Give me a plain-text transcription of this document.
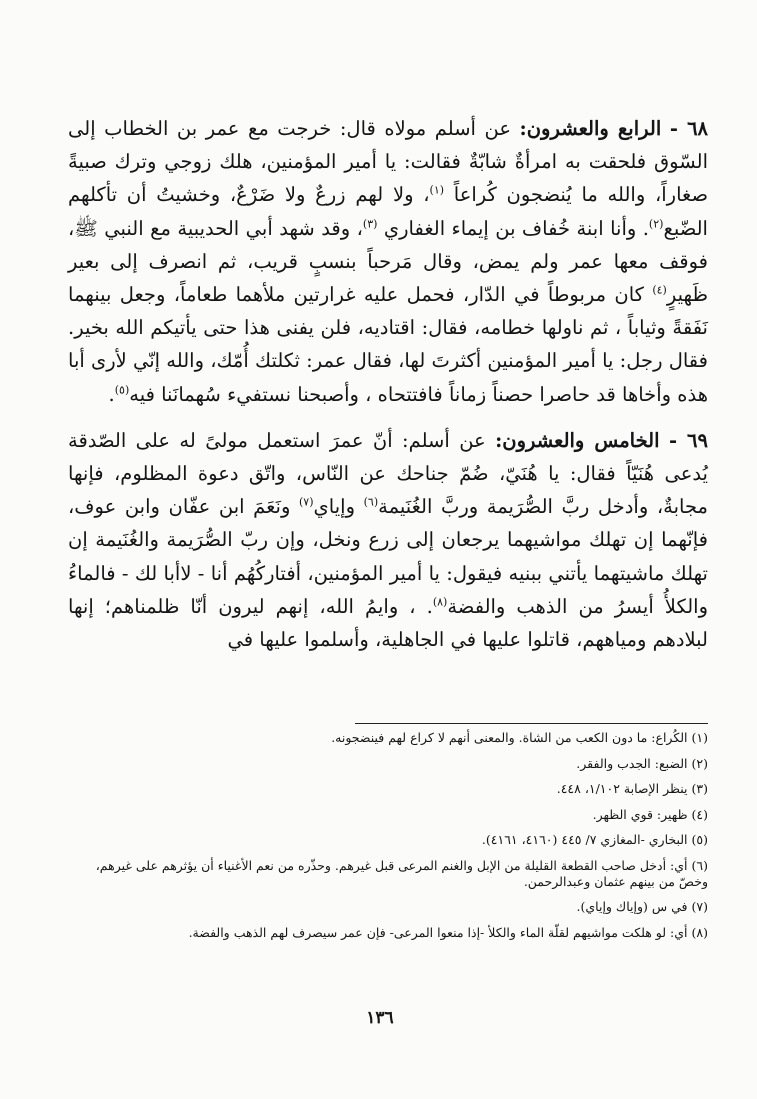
٦٨ - الرابع والعشرون: عن أسلم مولاه قال: خرجت مع عمر بن الخطاب إلى السّوق فلحقت به امرأةٌ شابّةٌ فقالت: يا أمير المؤمنين، هلك زوجي وترك صبيةً صغاراً، والله ما يُنضجون كُراعاً $^{(١)}$، ولا لهم زرعٌ ولا ضَرْعٌ، وخشيتُ أن تأكلهم الضّبع$^{(٢)}$. وأنا ابنة خُفاف بن إيماء الغفاري $^{(٣)}$، وقد شهد أبي الحديبية مع النبي ﷺ، فوقف معها عمر ولم يمض، وقال مَرحباً بنسبٍ قريب، ثم انصرف إلى بعير ظَهيرٍ$^{(٤)}$ كان مربوطاً في الدّار، فحمل عليه غرارتين ملأهما طعاماً، وجعل بينهما نَفَقةً وثياباً ، ثم ناولها خطامه، فقال: اقتاديه، فلن يفنى هذا حتى يأتيكم الله بخير. فقال رجل: يا أمير المؤمنين أكثرتَ لها، فقال عمر: ثكلتك أُمّك، والله إنّي لأرى أبا هذه وأخاها قد حاصرا حصناً زماناً فافتتحاه ، وأصبحنا نستفيء سُهمانَنا فيه$^{(٥)}$.

٦٩ - الخامس والعشرون: عن أسلم: أنّ عمرَ استعمل مولىً له على الصّدقة يُدعى هُنَيّاً فقال: يا هُنَيّ، ضُمّ جناحك عن النّاس، واتّق دعوة المظلوم، فإنها مجابةٌ، وأدخل ربَّ الصُّرَيمة وربَّ الغُنَيمة$^{(٦)}$ وإياي$^{(٧)}$ ونَعَمَ ابن عفّان وابن عوف، فإنّهما إن تهلك مواشيهما يرجعان إلى زرع ونخل، وإن ربّ الصُّرَيمة والغُنَيمة إن تهلك ماشيتهما يأتني ببنيه فيقول: يا أمير المؤمنين، أفتاركُهُم أنا - لاأبا لك - فالماءُ والكلأُ أيسرُ من الذهب والفضة$^{(٨)}$. ، وايمُ الله، إنهم ليرون أنّا ظلمناهم؛ إنها لبلادهم ومياههم، قاتلوا عليها في الجاهلية، وأسلموا عليها في

(١) الكُراع: ما دون الكعب من الشاة. والمعنى أنهم لا كراع لهم فينضجونه.

(٢) الضبع: الجدب والفقر.

(٣) ينظر الإصابة ١/١٠٢، ٤٤٨.

(٤) ظهير: قوي الظهر.

(٥) البخاري -المغازي ٧/ ٤٤٥ (٤١٦٠، ٤١٦١).

(٦) أي: أدخل صاحب القطعة القليلة من الإبل والغنم المرعى قبل غيرهم. وحذّره من نعم الأغنياء أن يؤثرهم على غيرهم، وخصّ من بينهم عثمان وعبدالرحمن.

(٧) في س (وإياك وإياي).

(٨) أي: لو هلكت مواشيهم لقلّة الماء والكلأ -إذا منعوا المرعى- فإن عمر سيصرف لهم الذهب والفضة.

١٣٦
